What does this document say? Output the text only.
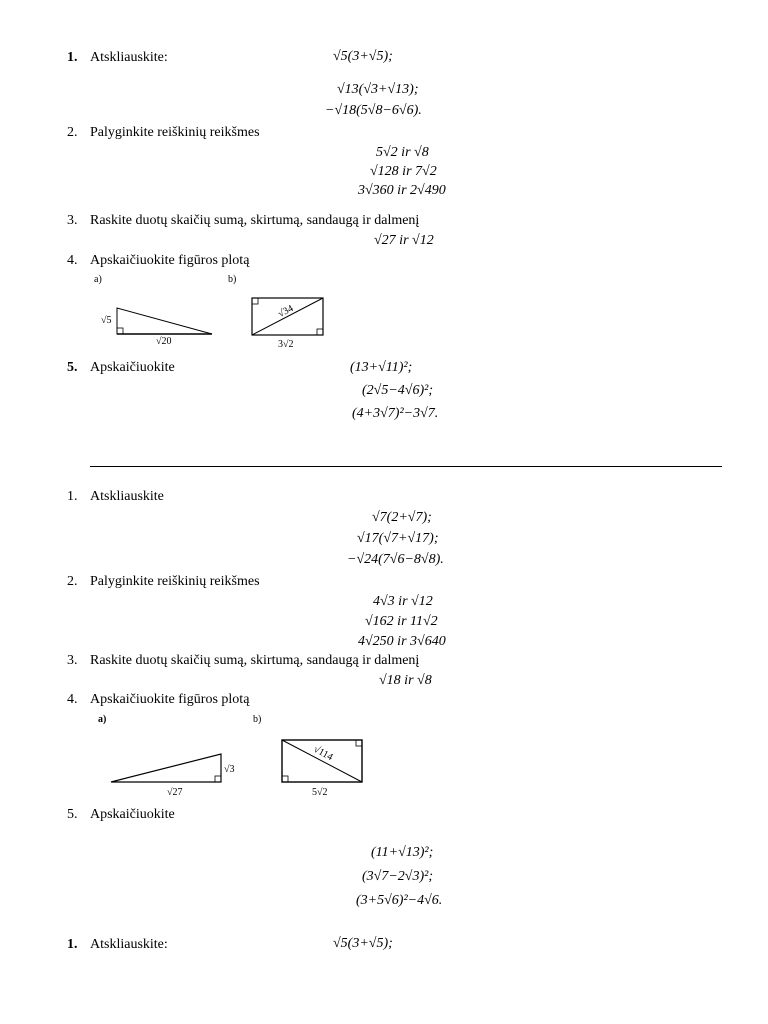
1. Atskliauskite:	√5(3+√5);
√13(√3+√13);
−√18(5√8−6√6).
2. Palyginkite reiškinių reikšmes
5√2 ir √8
√128 ir 7√2
3√360 ir 2√490
3. Raskite duotų skaičių sumą, skirtumą, sandaugą ir dalmenį
√27 ir √12
4. Apskaičiuokite figūros plotą
a)	b)
√5
√20
√34
3√2
5. Apskaičiuokite	(13+√11)²;
(2√5−4√6)²;
(4+3√7)²−3√7.
1. Atskliauskite
√7(2+√7);
√17(√7+√17);
−√24(7√6−8√8).
2. Palyginkite reiškinių reikšmes
4√3 ir √12
√162 ir 11√2
4√250 ir 3√640
3. Raskite duotų skaičių sumą, skirtumą, sandaugą ir dalmenį
√18 ir √8
4. Apskaičiuokite figūros plotą
a)	b)
√3
√27
√114
5√2
5. Apskaičiuokite
(11+√13)²;
(3√7−2√3)²;
(3+5√6)²−4√6.
1. Atskliauskite:	√5(3+√5);
